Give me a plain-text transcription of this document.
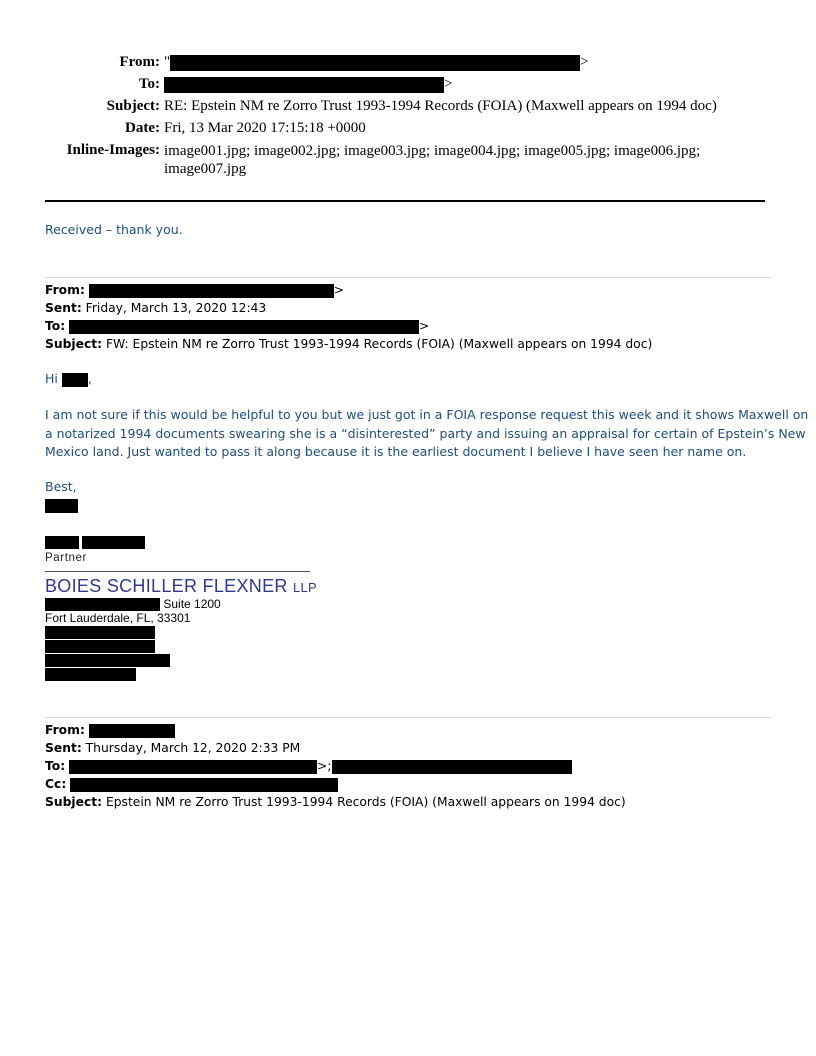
From: "	>
To:	>
Subject: RE: Epstein NM re Zorro Trust 1993-1994 Records (FOIA) (Maxwell appears on 1994 doc)
Date: Fri, 13 Mar 2020 17:15:18 +0000
Inline-Images: image001.jpg; image002.jpg; image003.jpg; image004.jpg; image005.jpg; image006.jpg; image007.jpg
Received – thank you.
From:	>
Sent: Friday, March 13, 2020 12:43
To:	>
Subject: FW: Epstein NM re Zorro Trust 1993-1994 Records (FOIA) (Maxwell appears on 1994 doc)
Hi ,
I am not sure if this would be helpful to you but we just got in a FOIA response request this week and it shows Maxwell on
a notarized 1994 documents swearing she is a “disinterested” party and issuing an appraisal for certain of Epstein’s New
Mexico land. Just wanted to pass it along because it is the earliest document I believe I have seen her name on.
Best,
Partner
BOIES SCHILLER FLEXNER LLP
Suite 1200
Fort Lauderdale, FL, 33301
From:
Sent: Thursday, March 12, 2020 2:33 PM
To:	>;
Cc:
Subject: Epstein NM re Zorro Trust 1993-1994 Records (FOIA) (Maxwell appears on 1994 doc)
